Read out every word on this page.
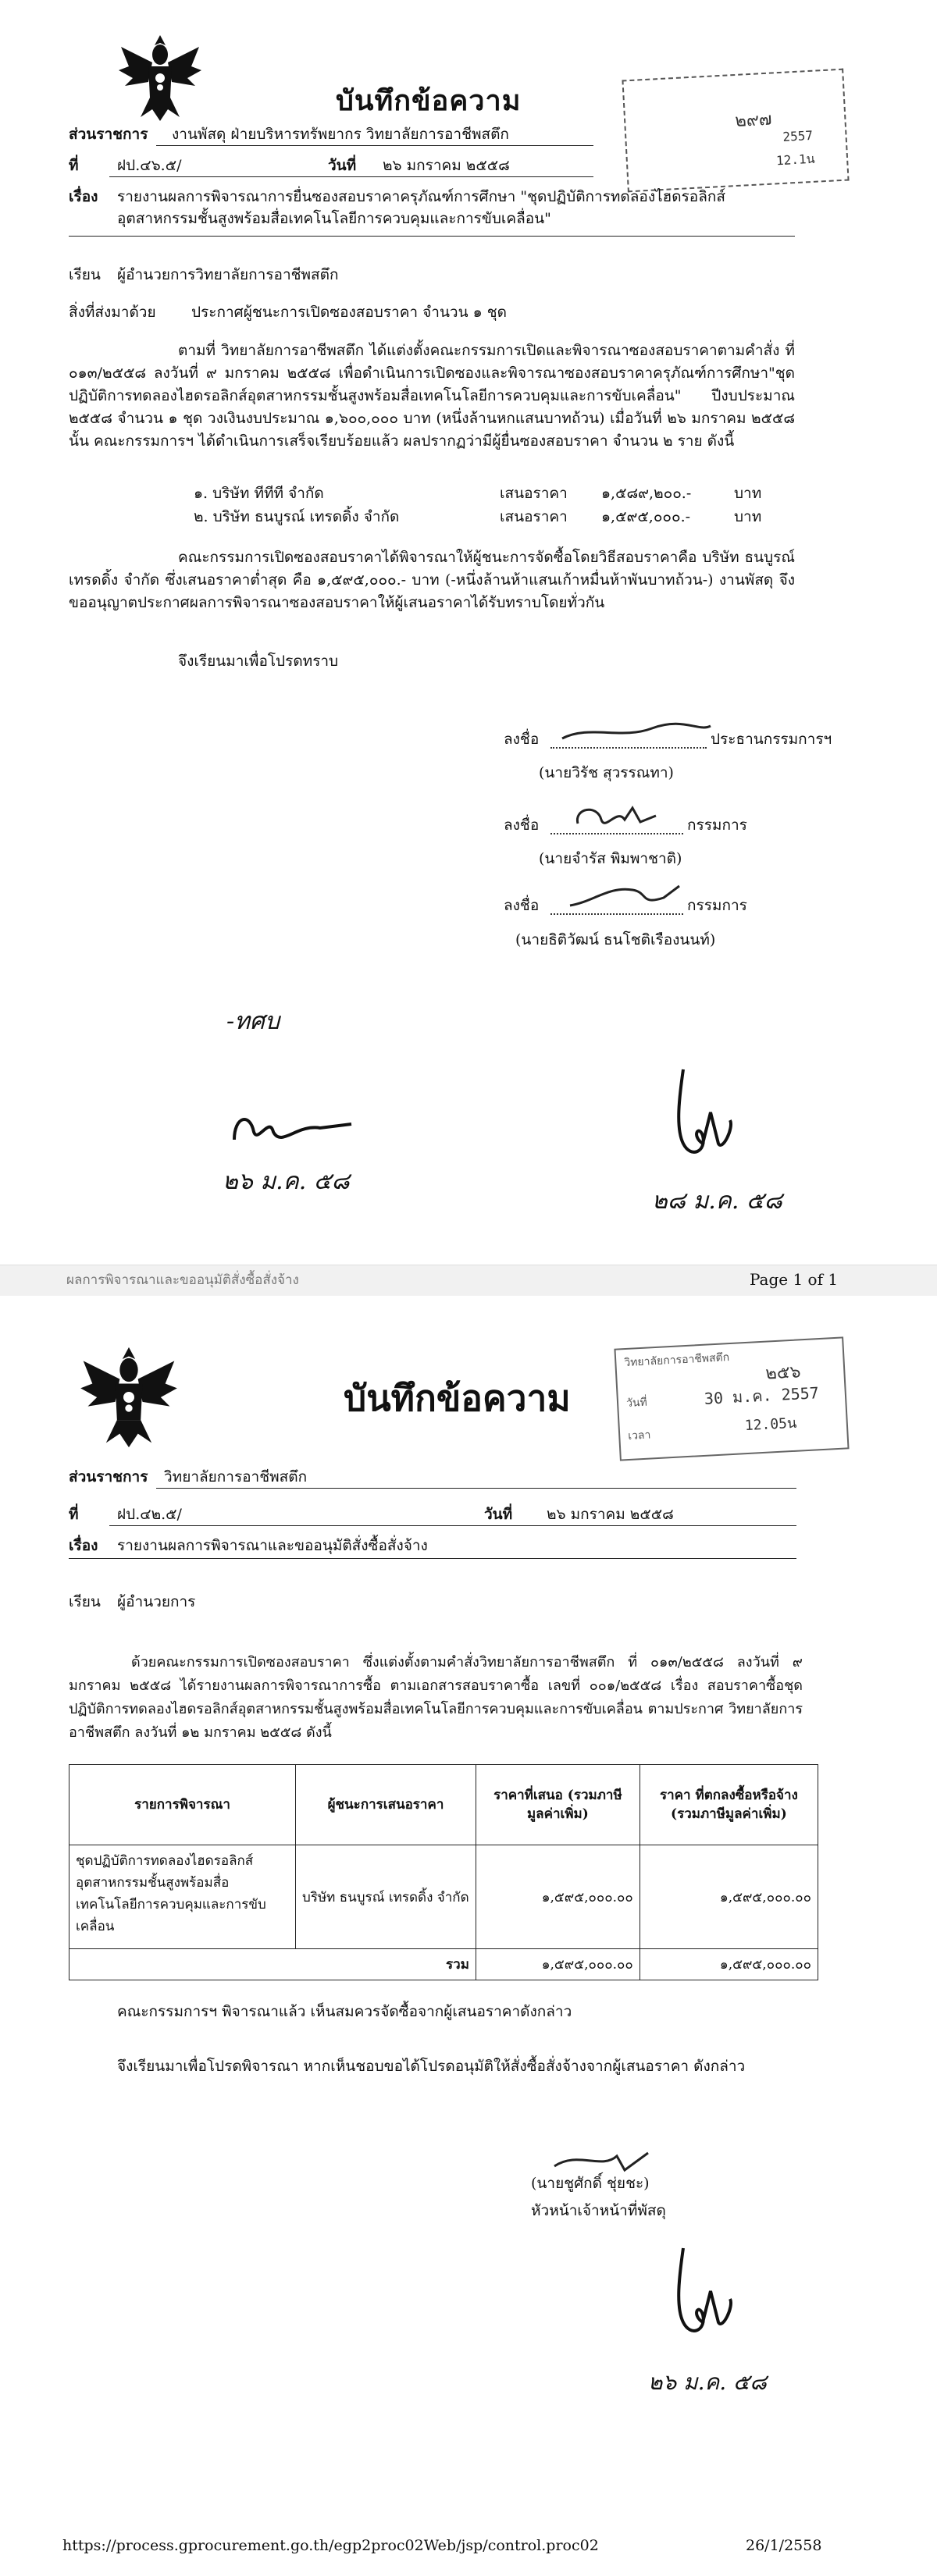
บันทึกข้อความ
๒๙๗
2557
12.1น
ส่วนราชการ งานพัสดุ ฝ่ายบริหารทรัพยากร วิทยาลัยการอาชีพสตึก
ที่	ฝป.๔๖.๕/	วันที่ ๒๖ มกราคม ๒๕๕๘
เรื่อง รายงานผลการพิจารณาการยื่นซองสอบราคาครุภัณฑ์การศึกษา "ชุดปฏิบัติการทดลองไฮดรอลิกส์
อุตสาหกรรมชั้นสูงพร้อมสื่อเทคโนโลยีการควบคุมและการขับเคลื่อน"
เรียน ผู้อำนวยการวิทยาลัยการอาชีพสตึก
สิ่งที่ส่งมาด้วย ประกาศผู้ชนะการเปิดซองสอบราคา จำนวน ๑ ชุด
ตามที่ วิทยาลัยการอาชีพสตึก ได้แต่งตั้งคณะกรรมการเปิดและพิจารณาซองสอบราคาตามคำสั่ง ที่ ๐๑๓/๒๕๕๘ ลงวันที่ ๙ มกราคม ๒๕๕๘ เพื่อดำเนินการเปิดซองและพิจารณาซองสอบราคาครุภัณฑ์การศึกษา"ชุดปฏิบัติการทดลองไฮดรอลิกส์อุตสาหกรรมชั้นสูงพร้อมสื่อเทคโนโลยีการควบคุมและการขับเคลื่อน" ปีงบประมาณ ๒๕๕๘ จำนวน ๑ ชุด วงเงินงบประมาณ ๑,๖๐๐,๐๐๐ บาท (หนึ่งล้านหกแสนบาทถ้วน) เมื่อวันที่ ๒๖ มกราคม ๒๕๕๘ นั้น คณะกรรมการฯ ได้ดำเนินการเสร็จเรียบร้อยแล้ว ผลปรากฏว่ามีผู้ยื่นซองสอบราคา จำนวน ๒ ราย ดังนี้
๑. บริษัท ทีทีที จำกัด	เสนอราคา ๑,๕๘๙,๒๐๐.-	บาท
๒. บริษัท ธนบูรณ์ เทรดดิ้ง จำกัด	เสนอราคา ๑,๕๙๕,๐๐๐.-	บาท
คณะกรรมการเปิดซองสอบราคาได้พิจารณาให้ผู้ชนะการจัดซื้อโดยวิธีสอบราคาคือ บริษัท ธนบูรณ์ เทรดดิ้ง จำกัด ซึ่งเสนอราคาต่ำสุด คือ ๑,๕๙๕,๐๐๐.- บาท (-หนึ่งล้านห้าแสนเก้าหมื่นห้าพันบาทถ้วน-) งานพัสดุ จึงขออนุญาตประกาศผลการพิจารณาซองสอบราคาให้ผู้เสนอราคาได้รับทราบโดยทั่วกัน
จึงเรียนมาเพื่อโปรดทราบ
ลงชื่อ	ประธานกรรมการฯ
(นายวิรัช สุวรรณทา)
ลงชื่อ	กรรมการ
(นายจำรัส พิมพาชาติ)
ลงชื่อ	กรรมการ
(นายธิติวัฒน์ ธนโชติเรืองนนท์)
-ทศบ
๒๖ ม.ค. ๕๘
๒๘ ม.ค. ๕๘
ผลการพิจารณาและขออนุมัติสั่งซื้อสั่งจ้าง	Page 1 of 1
บันทึกข้อความ
วิทยาลัยการอาชีพสตึก
วันที่
เวลา
๒๕๖
30 ม.ค. 2557
12.05น
ส่วนราชการ วิทยาลัยการอาชีพสตึก
ที่	ฝป.๔๒.๕/	วันที่ ๒๖ มกราคม ๒๕๕๘
เรื่อง รายงานผลการพิจารณาและขออนุมัติสั่งซื้อสั่งจ้าง
เรียน ผู้อำนวยการ
ด้วยคณะกรรมการเปิดซองสอบราคา ซึ่งแต่งตั้งตามคำสั่งวิทยาลัยการอาชีพสตึก ที่ ๐๑๓/๒๕๕๘ ลงวันที่ ๙ มกราคม ๒๕๕๘ ได้รายงานผลการพิจารณาการซื้อ ตามเอกสารสอบราคาซื้อ เลขที่ ๐๐๑/๒๕๕๘ เรื่อง สอบราคาซื้อชุดปฏิบัติการทดลองไฮดรอลิกส์อุตสาหกรรมชั้นสูงพร้อมสื่อเทคโนโลยีการควบคุมและการขับเคลื่อน ตามประกาศ วิทยาลัยการอาชีพสตึก ลงวันที่ ๑๒ มกราคม ๒๕๕๘ ดังนี้
รายการพิจารณา	ผู้ชนะการเสนอราคา	ราคาที่เสนอ (รวมภาษีมูลค่าเพิ่ม)	ราคา ที่ตกลงซื้อหรือจ้าง (รวมภาษีมูลค่าเพิ่ม)
ชุดปฏิบัติการทดลองไฮดรอลิกส์อุตสาหกรรมชั้นสูงพร้อมสื่อเทคโนโลยีการควบคุมและการขับเคลื่อน	บริษัท ธนบูรณ์ เทรดดิ้ง จำกัด	๑,๕๙๕,๐๐๐.๐๐	๑,๕๙๕,๐๐๐.๐๐
รวม		๑,๕๙๕,๐๐๐.๐๐	๑,๕๙๕,๐๐๐.๐๐
คณะกรรมการฯ พิจารณาแล้ว เห็นสมควรจัดซื้อจากผู้เสนอราคาดังกล่าว
จึงเรียนมาเพื่อโปรดพิจารณา หากเห็นชอบขอได้โปรดอนุมัติให้สั่งซื้อสั่งจ้างจากผู้เสนอราคา ดังกล่าว
(นายชูศักดิ์ ชุ่ยชะ)
หัวหน้าเจ้าหน้าที่พัสดุ
๒๖ ม.ค. ๕๘
https://process.gprocurement.go.th/egp2proc02Web/jsp/control.proc02	26/1/2558
